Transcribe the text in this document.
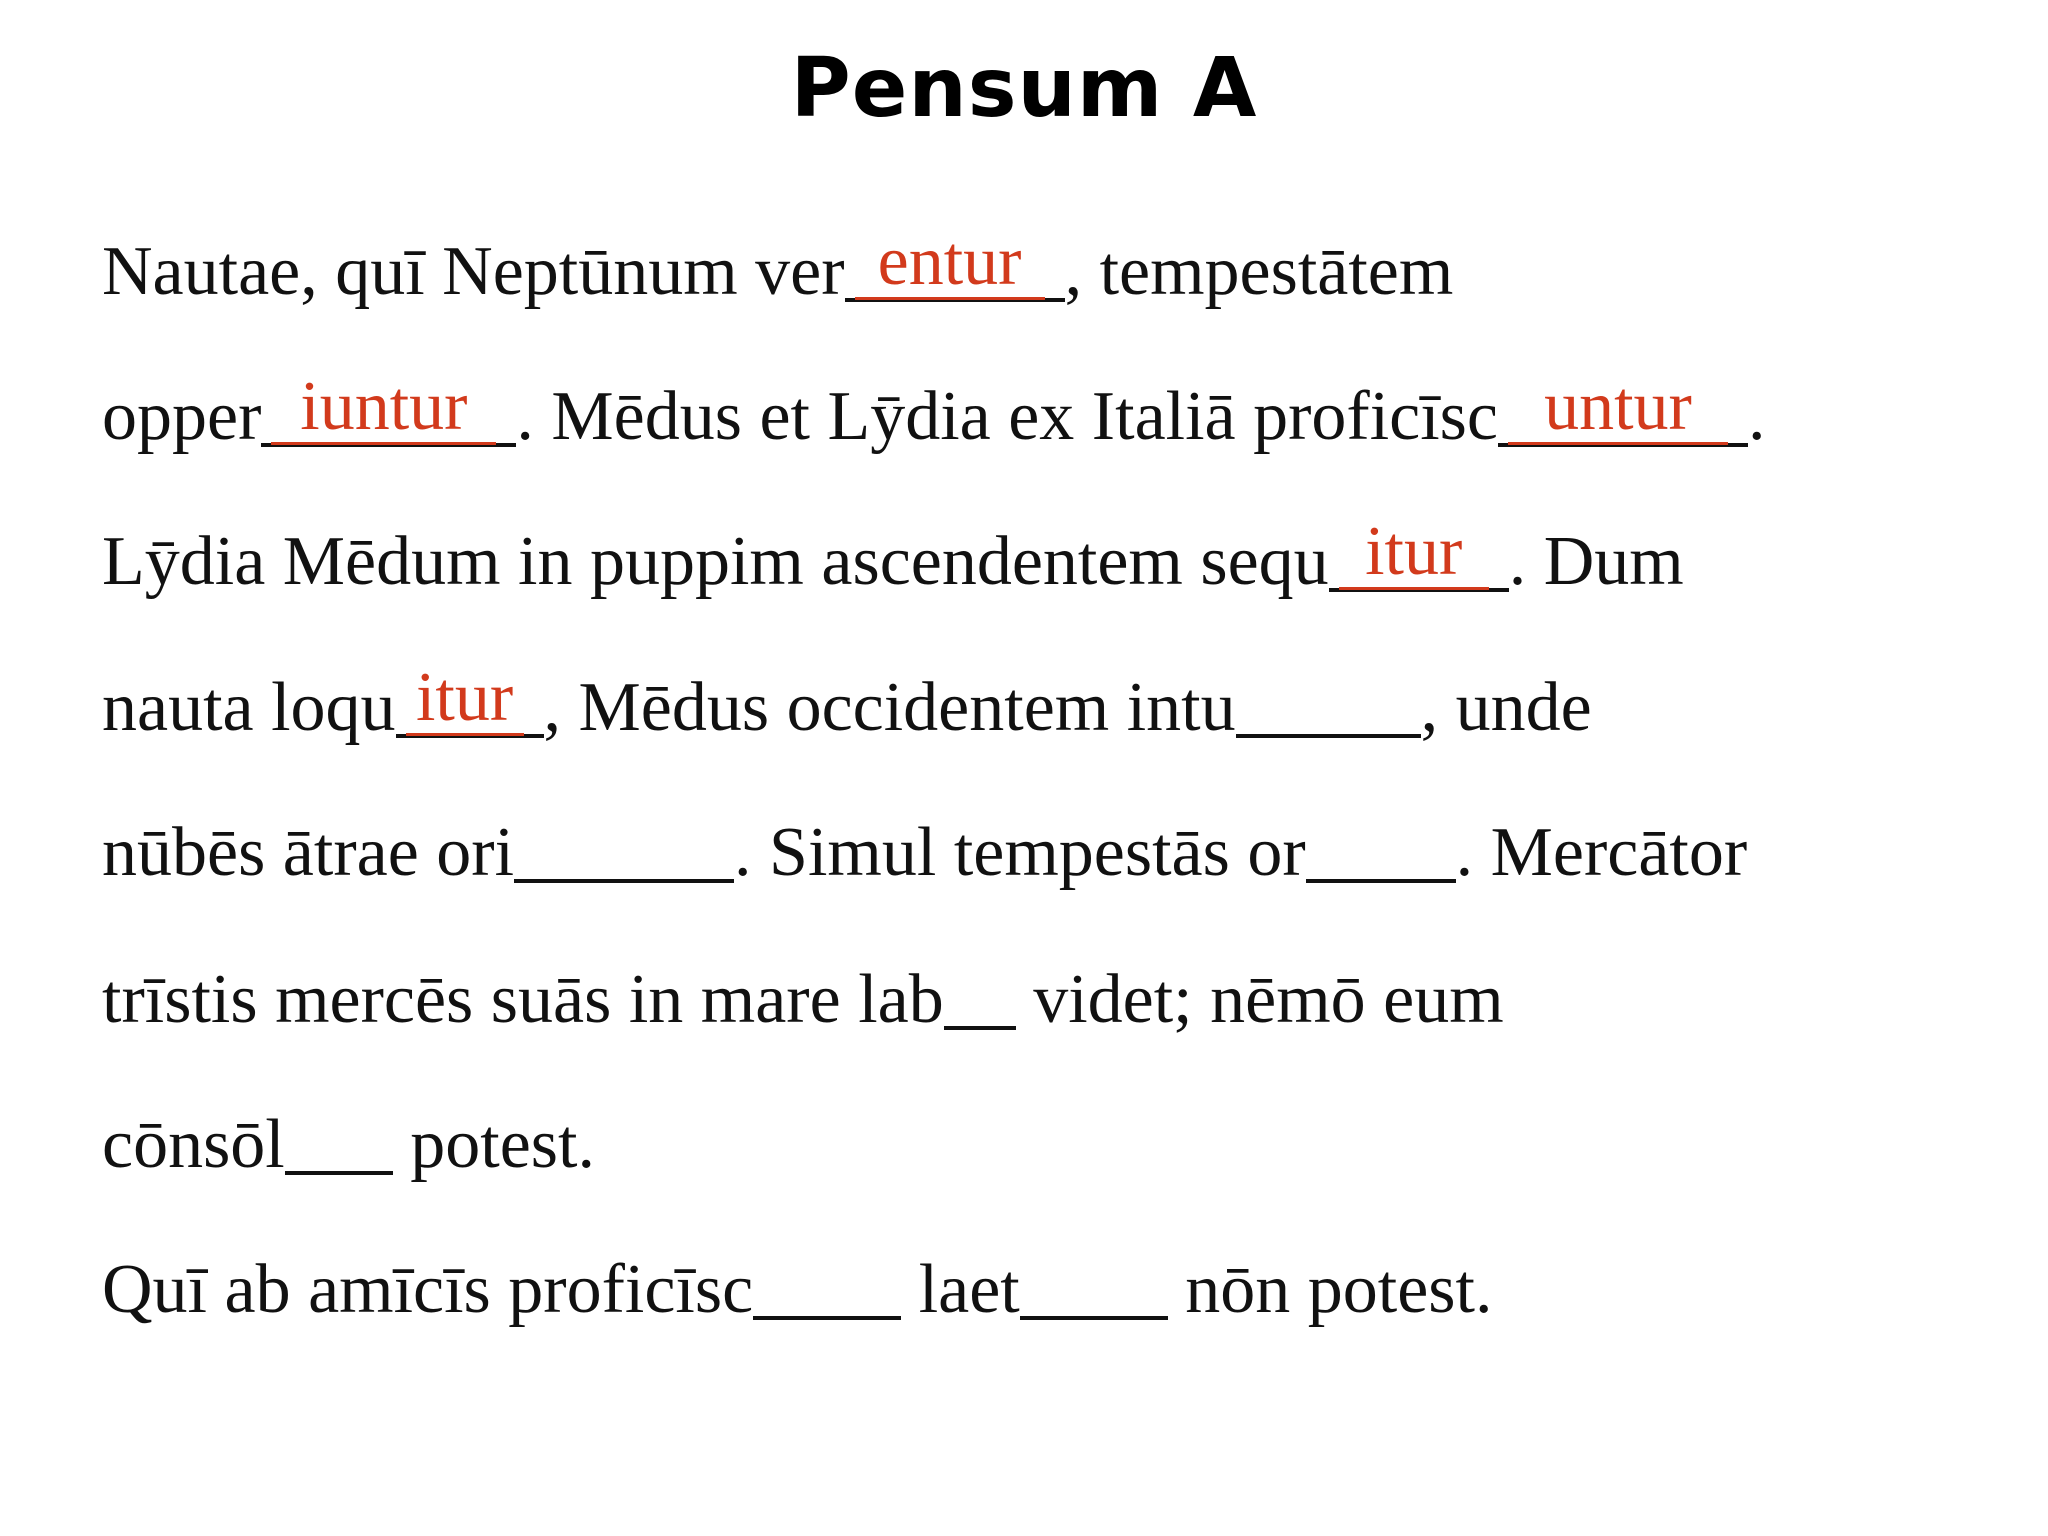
Pensum A
Nautae, quī Neptūnum ver entur , tempestātem
opper iuntur . Mēdus et Lȳdia ex Italiā proficīsc untur .
Lȳdia Mēdum in puppim ascendentem sequ itur . Dum
nauta loqu itur , Mēdus occidentem intu	, unde
nūbēs ātrae ori	. Simul tempestās or . Mercātor
trīstis mercēs suās in mare lab videt; nēmō eum
cōnsōl potest.
Quī ab amīcīs proficīsc laet nōn potest.
